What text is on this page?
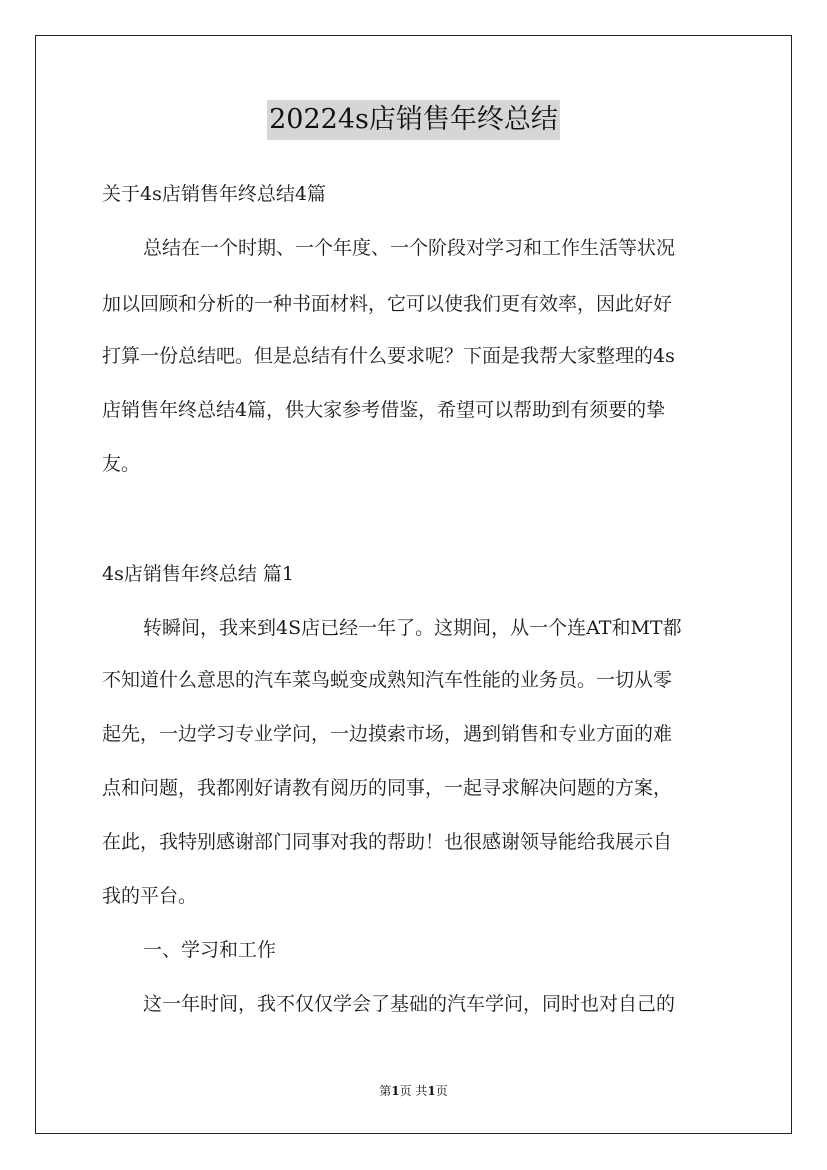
20224s店销售年终总结
关于4s店销售年终总结4篇
总结在一个时期、一个年度、一个阶段对学习和工作生活等状况
加以回顾和分析的一种书面材料，它可以使我们更有效率，因此好好
打算一份总结吧。但是总结有什么要求呢？下面是我帮大家整理的4s
店销售年终总结4篇，供大家参考借鉴，希望可以帮助到有须要的挚
友。
4s店销售年终总结 篇1
转瞬间，我来到4S店已经一年了。这期间，从一个连AT和MT都
不知道什么意思的汽车菜鸟蜕变成熟知汽车性能的业务员。一切从零
起先，一边学习专业学问，一边摸索市场，遇到销售和专业方面的难
点和问题，我都刚好请教有阅历的同事，一起寻求解决问题的方案，
在此，我特别感谢部门同事对我的帮助！也很感谢领导能给我展示自
我的平台。
一、学习和工作
这一年时间，我不仅仅学会了基础的汽车学问，同时也对自己的
第1页 共1页
